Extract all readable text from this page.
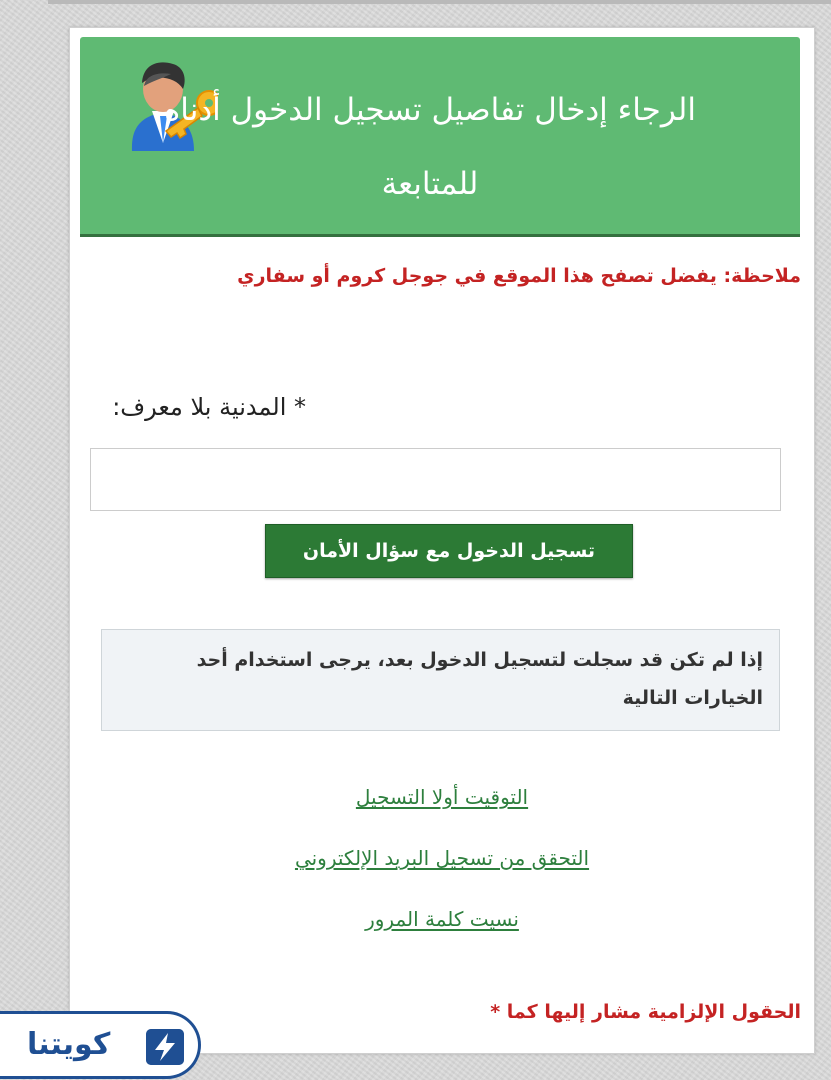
الرجاء إدخال تفاصيل تسجيل الدخول أدناه للمتابعة

ملاحظة: يفضل تصفح هذا الموقع في جوجل كروم أو سفاري

* المدنية بلا معرف:
تسجيل الدخول مع سؤال الأمان
إذا لم تكن قد سجلت لتسجيل الدخول بعد، يرجى استخدام أحد الخيارات التالية
التوقيت أولا التسجيل
التحقق من تسجيل البريد الإلكتروني
نسيت كلمة المرور

الحقول الإلزامية مشار إليها كما *

كويتنا
